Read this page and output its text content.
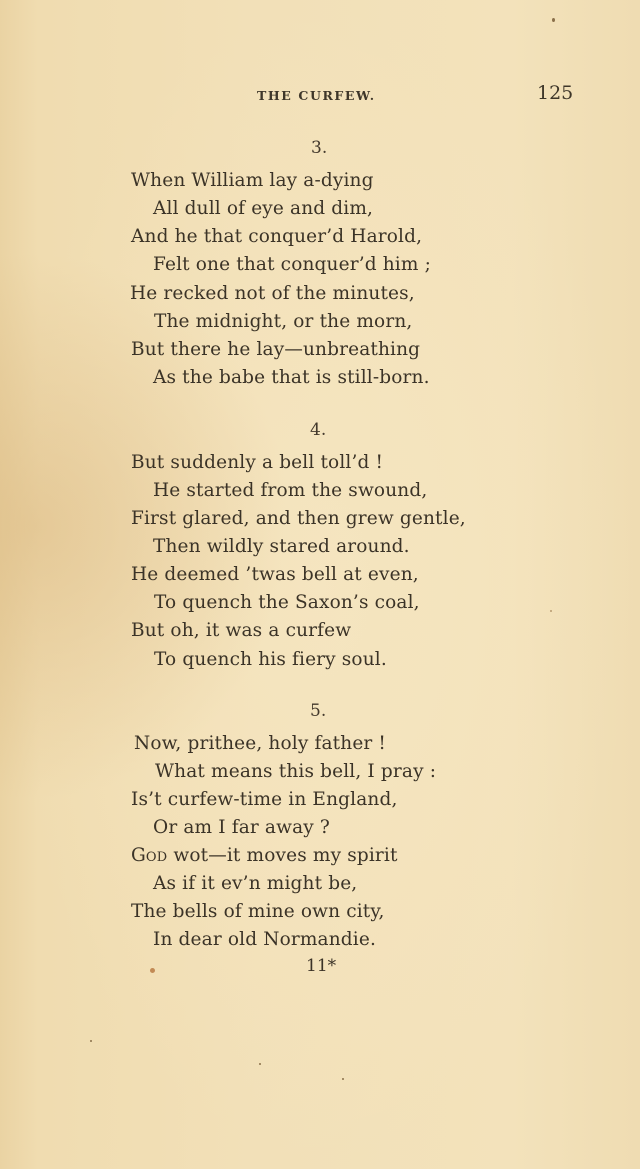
THE CURFEW.	125
3.
When William lay a-dying
All dull of eye and dim,
And he that conquer’d Harold,
Felt one that conquer’d him ;
He recked not of the minutes,
The midnight, or the morn,
But there he lay—unbreathing
As the babe that is still-born.
4.
But suddenly a bell toll’d !
He started from the swound,
First glared, and then grew gentle,
Then wildly stared around.
He deemed ’twas bell at even,
To quench the Saxon’s coal,
But oh, it was a curfew
To quench his fiery soul.
5.
Now, prithee, holy father !
What means this bell, I pray :
Is’t curfew-time in England,
Or am I far away ?
God wot—it moves my spirit
As if it ev’n might be,
The bells of mine own city,
In dear old Normandie.
11*
